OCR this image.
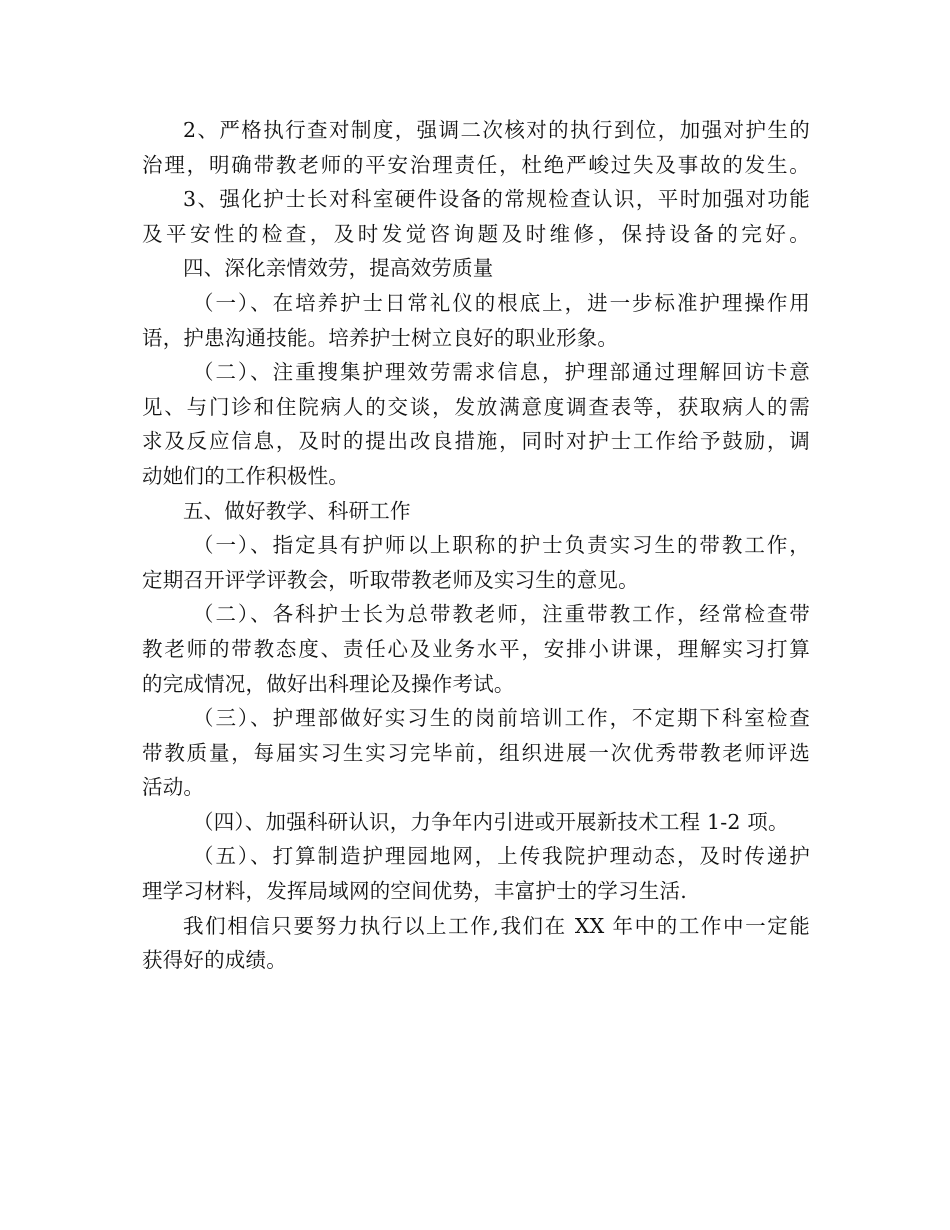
2、严格执行查对制度，强调二次核对的执行到位，加强对护生的
治理，明确带教老师的平安治理责任，杜绝严峻过失及事故的发生。
3、强化护士长对科室硬件设备的常规检查认识，平时加强对功能
及平安性的检查，及时发觉咨询题及时维修，保持设备的完好。
四、深化亲情效劳，提高效劳质量
（一）、在培养护士日常礼仪的根底上，进一步标准护理操作用
语，护患沟通技能。培养护士树立良好的职业形象。
（二）、注重搜集护理效劳需求信息，护理部通过理解回访卡意
见、与门诊和住院病人的交谈，发放满意度调查表等，获取病人的需
求及反应信息，及时的提出改良措施，同时对护士工作给予鼓励，调
动她们的工作积极性。
五、做好教学、科研工作
（一）、指定具有护师以上职称的护士负责实习生的带教工作，
定期召开评学评教会，听取带教老师及实习生的意见。
（二）、各科护士长为总带教老师，注重带教工作，经常检查带
教老师的带教态度、责任心及业务水平，安排小讲课，理解实习打算
的完成情况，做好出科理论及操作考试。
（三）、护理部做好实习生的岗前培训工作，不定期下科室检查
带教质量，每届实习生实习完毕前，组织进展一次优秀带教老师评选
活动。
（四）、加强科研认识，力争年内引进或开展新技术工程 1-2 项。
（五）、打算制造护理园地网，上传我院护理动态，及时传递护
理学习材料，发挥局域网的空间优势，丰富护士的学习生活.
我们相信只要努力执行以上工作,我们在 XX 年中的工作中一定能
获得好的成绩。
